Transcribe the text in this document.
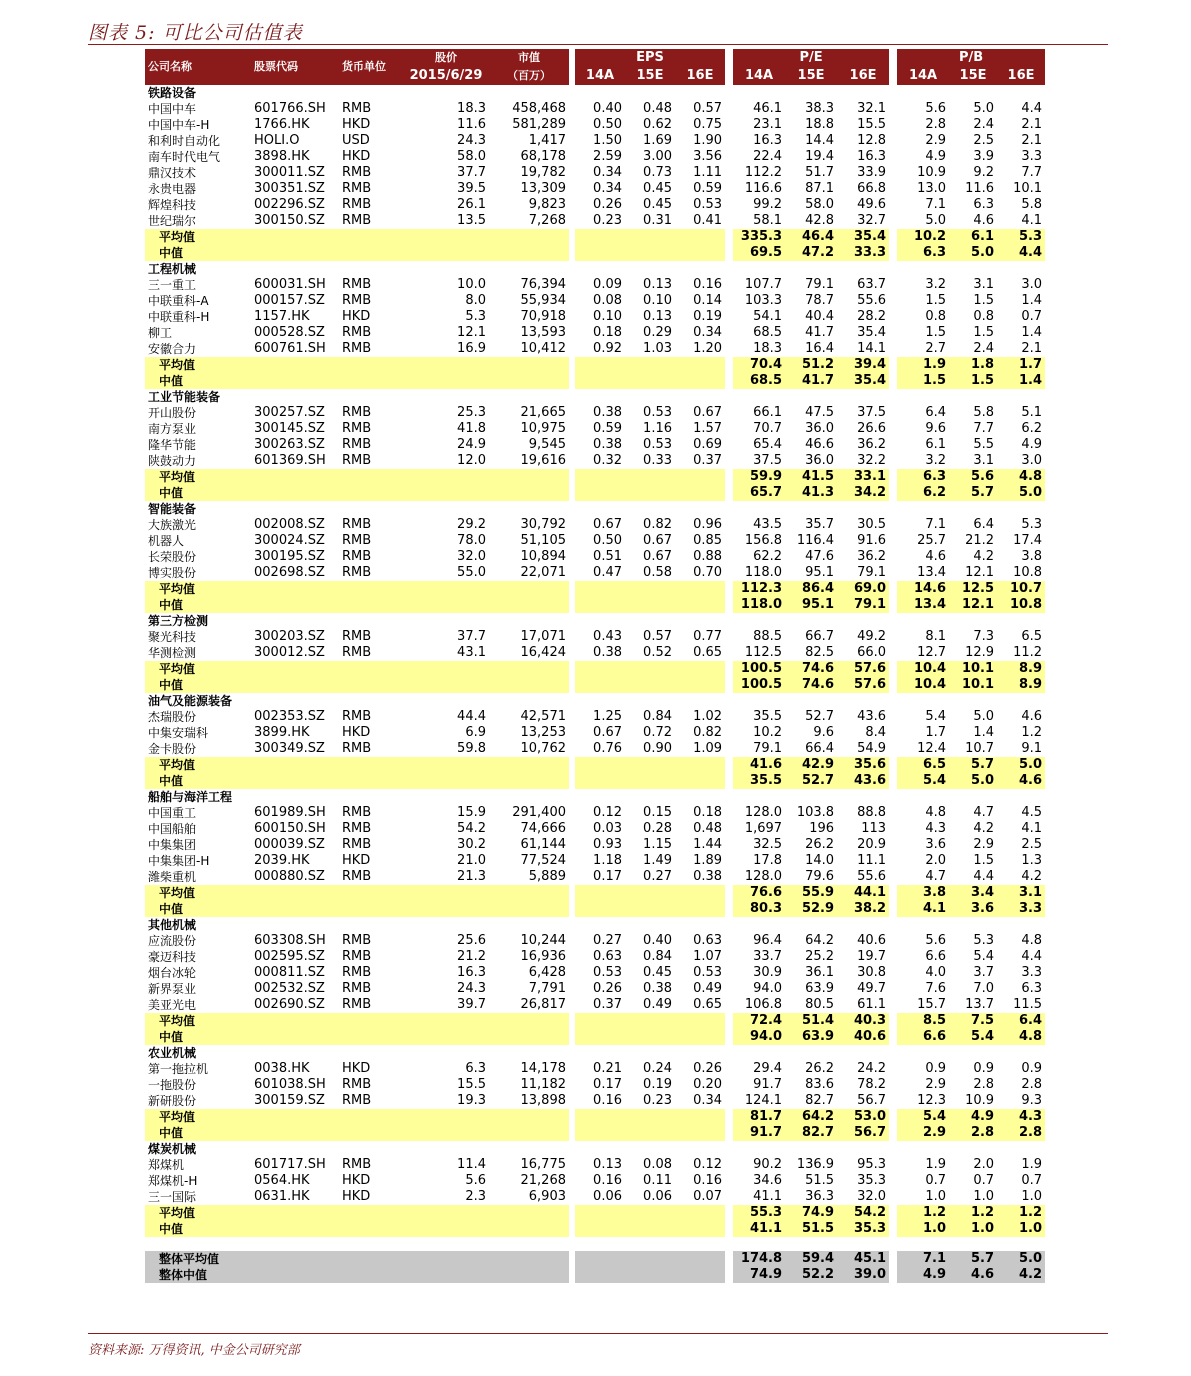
图表 5: 可比公司估值表
公司名称	股票代码	货币单位	股价	市值		EPS				P/E				P/B		
			2015/6/29	（百万）		14A	15E	16E		14A	15E	16E		14A	15E	16E
铁路设备																
中国中车	601766.SH	RMB	18.3	458,468		0.40	0.48	0.57		46.1	38.3	32.1		5.6	5.0	4.4
中国中车-H	1766.HK	HKD	11.6	581,289		0.50	0.62	0.75		23.1	18.8	15.5		2.8	2.4	2.1
和利时自动化	HOLI.O	USD	24.3	1,417		1.50	1.69	1.90		16.3	14.4	12.8		2.9	2.5	2.1
南车时代电气	3898.HK	HKD	58.0	68,178		2.59	3.00	3.56		22.4	19.4	16.3		4.9	3.9	3.3
鼎汉技术	300011.SZ	RMB	37.7	19,782		0.34	0.73	1.11		112.2	51.7	33.9		10.9	9.2	7.7
永贵电器	300351.SZ	RMB	39.5	13,309		0.34	0.45	0.59		116.6	87.1	66.8		13.0	11.6	10.1
辉煌科技	002296.SZ	RMB	26.1	9,823		0.26	0.45	0.53		99.2	58.0	49.6		7.1	6.3	5.8
世纪瑞尔	300150.SZ	RMB	13.5	7,268		0.23	0.31	0.41		58.1	42.8	32.7		5.0	4.6	4.1
平均值										335.3	46.4	35.4		10.2	6.1	5.3
中值										69.5	47.2	33.3		6.3	5.0	4.4
工程机械																
三一重工	600031.SH	RMB	10.0	76,394		0.09	0.13	0.16		107.7	79.1	63.7		3.2	3.1	3.0
中联重科-A	000157.SZ	RMB	8.0	55,934		0.08	0.10	0.14		103.3	78.7	55.6		1.5	1.5	1.4
中联重科-H	1157.HK	HKD	5.3	70,918		0.10	0.13	0.19		54.1	40.4	28.2		0.8	0.8	0.7
柳工	000528.SZ	RMB	12.1	13,593		0.18	0.29	0.34		68.5	41.7	35.4		1.5	1.5	1.4
安徽合力	600761.SH	RMB	16.9	10,412		0.92	1.03	1.20		18.3	16.4	14.1		2.7	2.4	2.1
平均值										70.4	51.2	39.4		1.9	1.8	1.7
中值										68.5	41.7	35.4		1.5	1.5	1.4
工业节能装备																
开山股份	300257.SZ	RMB	25.3	21,665		0.38	0.53	0.67		66.1	47.5	37.5		6.4	5.8	5.1
南方泵业	300145.SZ	RMB	41.8	10,975		0.59	1.16	1.57		70.7	36.0	26.6		9.6	7.7	6.2
隆华节能	300263.SZ	RMB	24.9	9,545		0.38	0.53	0.69		65.4	46.6	36.2		6.1	5.5	4.9
陕鼓动力	601369.SH	RMB	12.0	19,616		0.32	0.33	0.37		37.5	36.0	32.2		3.2	3.1	3.0
平均值										59.9	41.5	33.1		6.3	5.6	4.8
中值										65.7	41.3	34.2		6.2	5.7	5.0
智能装备																
大族激光	002008.SZ	RMB	29.2	30,792		0.67	0.82	0.96		43.5	35.7	30.5		7.1	6.4	5.3
机器人	300024.SZ	RMB	78.0	51,105		0.50	0.67	0.85		156.8	116.4	91.6		25.7	21.2	17.4
长荣股份	300195.SZ	RMB	32.0	10,894		0.51	0.67	0.88		62.2	47.6	36.2		4.6	4.2	3.8
博实股份	002698.SZ	RMB	55.0	22,071		0.47	0.58	0.70		118.0	95.1	79.1		13.4	12.1	10.8
平均值										112.3	86.4	69.0		14.6	12.5	10.7
中值										118.0	95.1	79.1		13.4	12.1	10.8
第三方检测																
聚光科技	300203.SZ	RMB	37.7	17,071		0.43	0.57	0.77		88.5	66.7	49.2		8.1	7.3	6.5
华测检测	300012.SZ	RMB	43.1	16,424		0.38	0.52	0.65		112.5	82.5	66.0		12.7	12.9	11.2
平均值										100.5	74.6	57.6		10.4	10.1	8.9
中值										100.5	74.6	57.6		10.4	10.1	8.9
油气及能源装备																
杰瑞股份	002353.SZ	RMB	44.4	42,571		1.25	0.84	1.02		35.5	52.7	43.6		5.4	5.0	4.6
中集安瑞科	3899.HK	HKD	6.9	13,253		0.67	0.72	0.82		10.2	9.6	8.4		1.7	1.4	1.2
金卡股份	300349.SZ	RMB	59.8	10,762		0.76	0.90	1.09		79.1	66.4	54.9		12.4	10.7	9.1
平均值										41.6	42.9	35.6		6.5	5.7	5.0
中值										35.5	52.7	43.6		5.4	5.0	4.6
船舶与海洋工程																
中国重工	601989.SH	RMB	15.9	291,400		0.12	0.15	0.18		128.0	103.8	88.8		4.8	4.7	4.5
中国船舶	600150.SH	RMB	54.2	74,666		0.03	0.28	0.48		1,697	196	113		4.3	4.2	4.1
中集集团	000039.SZ	RMB	30.2	61,144		0.93	1.15	1.44		32.5	26.2	20.9		3.6	2.9	2.5
中集集团-H	2039.HK	HKD	21.0	77,524		1.18	1.49	1.89		17.8	14.0	11.1		2.0	1.5	1.3
潍柴重机	000880.SZ	RMB	21.3	5,889		0.17	0.27	0.38		128.0	79.6	55.6		4.7	4.4	4.2
平均值										76.6	55.9	44.1		3.8	3.4	3.1
中值										80.3	52.9	38.2		4.1	3.6	3.3
其他机械																
应流股份	603308.SH	RMB	25.6	10,244		0.27	0.40	0.63		96.4	64.2	40.6		5.6	5.3	4.8
豪迈科技	002595.SZ	RMB	21.2	16,936		0.63	0.84	1.07		33.7	25.2	19.7		6.6	5.4	4.4
烟台冰轮	000811.SZ	RMB	16.3	6,428		0.53	0.45	0.53		30.9	36.1	30.8		4.0	3.7	3.3
新界泵业	002532.SZ	RMB	24.3	7,791		0.26	0.38	0.49		94.0	63.9	49.7		7.6	7.0	6.3
美亚光电	002690.SZ	RMB	39.7	26,817		0.37	0.49	0.65		106.8	80.5	61.1		15.7	13.7	11.5
平均值										72.4	51.4	40.3		8.5	7.5	6.4
中值										94.0	63.9	40.6		6.6	5.4	4.8
农业机械																
第一拖拉机	0038.HK	HKD	6.3	14,178		0.21	0.24	0.26		29.4	26.2	24.2		0.9	0.9	0.9
一拖股份	601038.SH	RMB	15.5	11,182		0.17	0.19	0.20		91.7	83.6	78.2		2.9	2.8	2.8
新研股份	300159.SZ	RMB	19.3	13,898		0.16	0.23	0.34		124.1	82.7	56.7		12.3	10.9	9.3
平均值										81.7	64.2	53.0		5.4	4.9	4.3
中值										91.7	82.7	56.7		2.9	2.8	2.8
煤炭机械																
郑煤机	601717.SH	RMB	11.4	16,775		0.13	0.08	0.12		90.2	136.9	95.3		1.9	2.0	1.9
郑煤机-H	0564.HK	HKD	5.6	21,268		0.16	0.11	0.16		34.6	51.5	35.3		0.7	0.7	0.7
三一国际	0631.HK	HKD	2.3	6,903		0.06	0.06	0.07		41.1	36.3	32.0		1.0	1.0	1.0
平均值										55.3	74.9	54.2		1.2	1.2	1.2
中值										41.1	51.5	35.3		1.0	1.0	1.0

整体平均值										174.8	59.4	45.1		7.1	5.7	5.0
整体中值										74.9	52.2	39.0		4.9	4.6	4.2
资料来源: 万得资讯, 中金公司研究部
